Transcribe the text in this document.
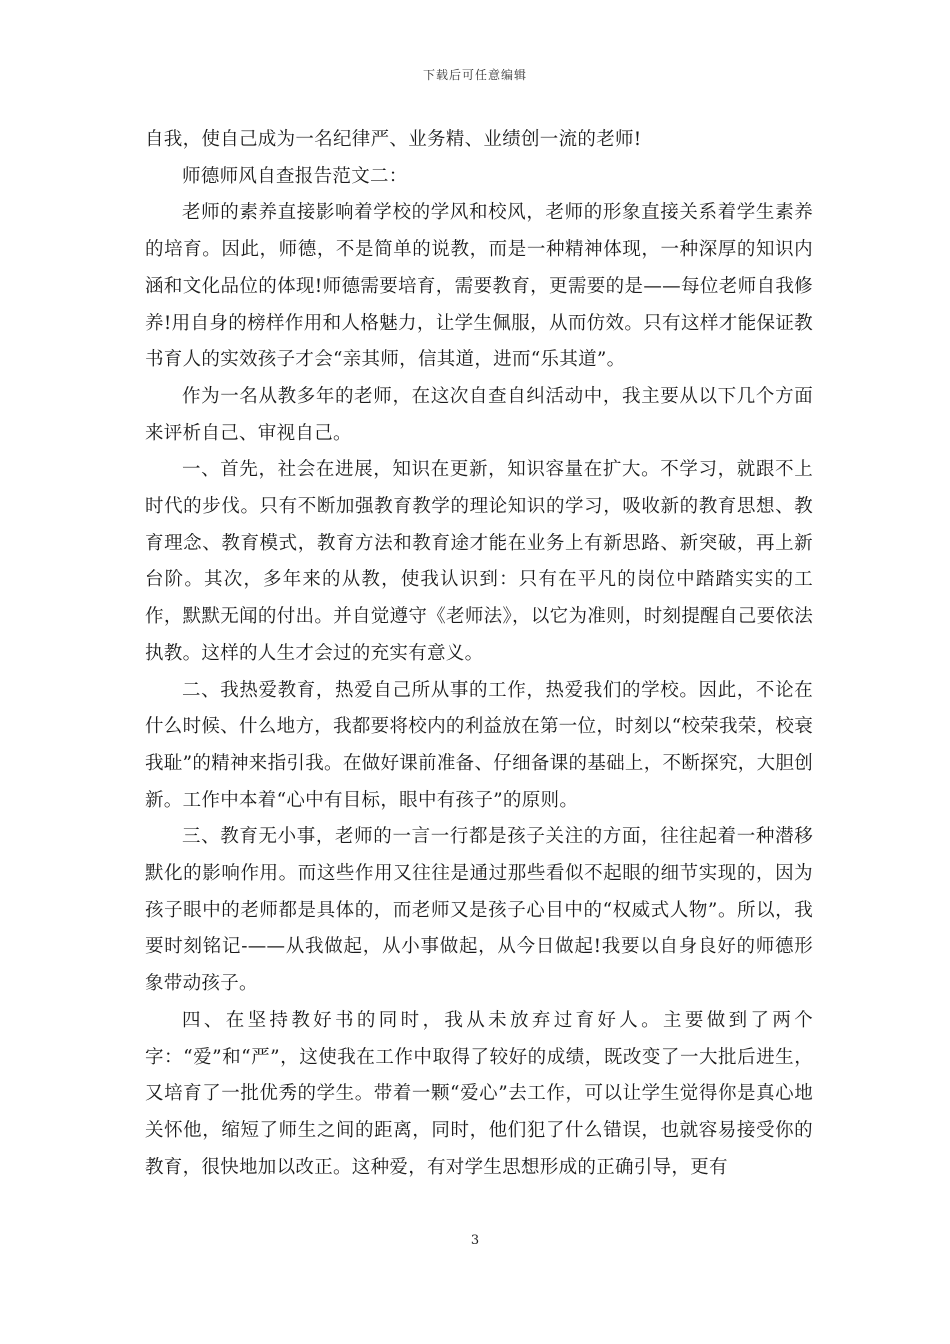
下载后可任意编辑

自我，使自己成为一名纪律严、业务精、业绩创一流的老师!

师德师风自查报告范文二：

老师的素养直接影响着学校的学风和校风，老师的形象直接关系着学生素养的培育。因此，师德，不是简单的说教，而是一种精神体现，一种深厚的知识内涵和文化品位的体现!师德需要培育，需要教育，更需要的是——每位老师自我修养!用自身的榜样作用和人格魅力，让学生佩服，从而仿效。只有这样才能保证教书育人的实效孩子才会“亲其师，信其道，进而“乐其道”。

作为一名从教多年的老师，在这次自查自纠活动中，我主要从以下几个方面来评析自己、审视自己。

一、首先，社会在进展，知识在更新，知识容量在扩大。不学习，就跟不上时代的步伐。只有不断加强教育教学的理论知识的学习，吸收新的教育思想、教育理念、教育模式，教育方法和教育途才能在业务上有新思路、新突破，再上新台阶。其次，多年来的从教，使我认识到：只有在平凡的岗位中踏踏实实的工作，默默无闻的付出。并自觉遵守《老师法》，以它为准则，时刻提醒自己要依法执教。这样的人生才会过的充实有意义。

二、我热爱教育，热爱自己所从事的工作，热爱我们的学校。因此，不论在什么时候、什么地方，我都要将校内的利益放在第一位，时刻以“校荣我荣，校衰我耻”的精神来指引我。在做好课前准备、仔细备课的基础上，不断探究，大胆创新。工作中本着“心中有目标，眼中有孩子”的原则。

三、教育无小事，老师的一言一行都是孩子关注的方面，往往起着一种潜移默化的影响作用。而这些作用又往往是通过那些看似不起眼的细节实现的，因为孩子眼中的老师都是具体的，而老师又是孩子心目中的“权威式人物”。所以，我要时刻铭记-——从我做起，从小事做起，从今日做起!我要以自身良好的师德形象带动孩子。

四、在坚持教好书的同时，我从未放弃过育好人。主要做到了两个字：“爱”和“严”，这使我在工作中取得了较好的成绩，既改变了一大批后进生，又培育了一批优秀的学生。带着一颗“爱心”去工作，可以让学生觉得你是真心地关怀他，缩短了师生之间的距离，同时，他们犯了什么错误，也就容易接受你的教育，很快地加以改正。这种爱，有对学生思想形成的正确引导，更有

3
